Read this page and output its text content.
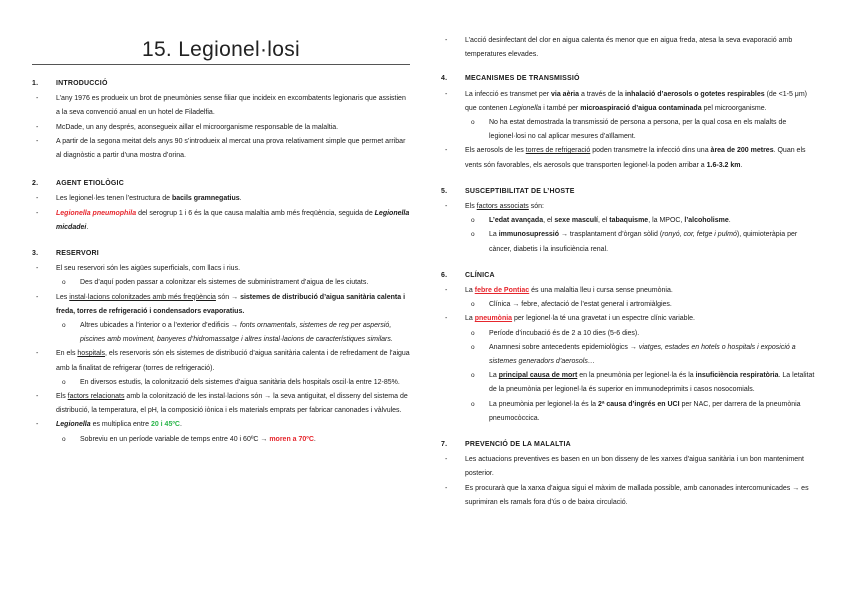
15. Legionel·losi
1.	INTRODUCCIÓ
- L’any 1976 es produeix un brot de pneumònies sense filiar que incideix en excombatents legionaris que assistien a la seva convenció anual en un hotel de Filadelfia.
- McDade, un any després, aconsegueix aillar el microorganisme responsable de la malaltia.
- A partir de la segona meitat dels anys 90 s’introdueix al mercat una prova relativament simple que permet arribar al diagnòstic a partir d’una mostra d’orina.
2.	AGENT ETIOLÒGIC
- Les legionel·les tenen l’estructura de bacils gramnegatius.
- Legionella pneumophila del serogrup 1 i 6 és la que causa malaltia amb més freqüència, seguida de Legionella micdadei.
3.	RESERVORI
- El seu reservori són les aigües superficials, com llacs i rius.
o Des d’aquí poden passar a colonitzar els sistemes de subministrament d’aigua de les ciutats.
- Les instal·lacions colonitzades amb més freqüència són → sistemes de distribució d’aigua sanitària calenta i freda, torres de refrigeració i condensadors evaporatius.
o Altres ubicades a l’interior o a l’exterior d’edificis → fonts ornamentals, sistemes de reg per aspersió, piscines amb moviment, banyeres d’hidromassatge i altres instal·lacions de característiques similars.
- En els hospitals, els reservoris són els sistemes de distribució d’aigua sanitària calenta i de refredament de l’aigua amb la finalitat de refrigerar (torres de refrigeració).
o En diversos estudis, la colonització dels sistemes d’aigua sanitària dels hospitals oscil·la entre 12-85%.
- Els factors relacionats amb la colonització de les instal·lacions són → la seva antiguitat, el disseny del sistema de distribució, la temperatura, el pH, la composició iònica i els materials emprats per fabricar canonades i vàlvules.
- Legionella es multiplica entre 20 i 45ºC.
o Sobreviu en un període variable de temps entre 40 i 60ºC → moren a 70ºC.
- L’acció desinfectant del clor en aigua calenta és menor que en aigua freda, atesa la seva evaporació amb temperatures elevades.
4.	MECANISMES DE TRANSMISSIÓ
- La infecció es transmet per via aèria a través de la inhalació d’aerosols o gotetes respirables (de <1-5 μm) que contenen Legionella i també per microaspiració d’aigua contaminada pel microorganisme.
o No ha estat demostrada la transmissió de persona a persona, per la qual cosa en els malalts de legionel·losi no cal aplicar mesures d’aïllament.
- Els aerosols de les torres de refrigeració poden transmetre la infecció dins una àrea de 200 metres. Quan els vents són favorables, els aerosols que transporten legionel·la poden arribar a 1.6-3.2 km.
5.	SUSCEPTIBILITAT DE L’HOSTE
- Els factors associats són:
o L’edat avançada, el sexe masculí, el tabaquisme, la MPOC, l’alcoholisme.
o La immunosupressió → trasplantament d’òrgan sòlid (ronyó, cor, fetge i pulmó), quimioteràpia per càncer, diabetis i la insuficiència renal.
6.	CLÍNICA
- La febre de Pontiac és una malaltia lleu i cursa sense pneumònia.
o Clínica → febre, afectació de l’estat general i artromiàlgies.
- La pneumònia per legionel·la té una gravetat i un espectre clínic variable.
o Període d’incubació és de 2 a 10 dies (5-6 dies).
o Anamnesi sobre antecedents epidemiològics → viatges, estades en hotels o hospitals i exposició a sistemes generadors d’aerosols…
o La principal causa de mort en la pneumònia per legionel·la és la insuficiència respiratòria. La letalitat de la pneumònia per legionel·la és superior en immunodeprimits i casos nosocomials.
o La pneumònia per legionel·la és la 2ª causa d’ingrés en UCI per NAC, per darrera de la pneumònia pneumocòccica.
7.	PREVENCIÓ DE LA MALALTIA
- Les actuacions preventives es basen en un bon disseny de les xarxes d’aigua sanitària i un bon manteniment posterior.
- Es procurarà que la xarxa d’aigua sigui el màxim de mallada possible, amb canonades intercomunicades → es suprimiran els ramals fora d’ús o de baixa circulació.
